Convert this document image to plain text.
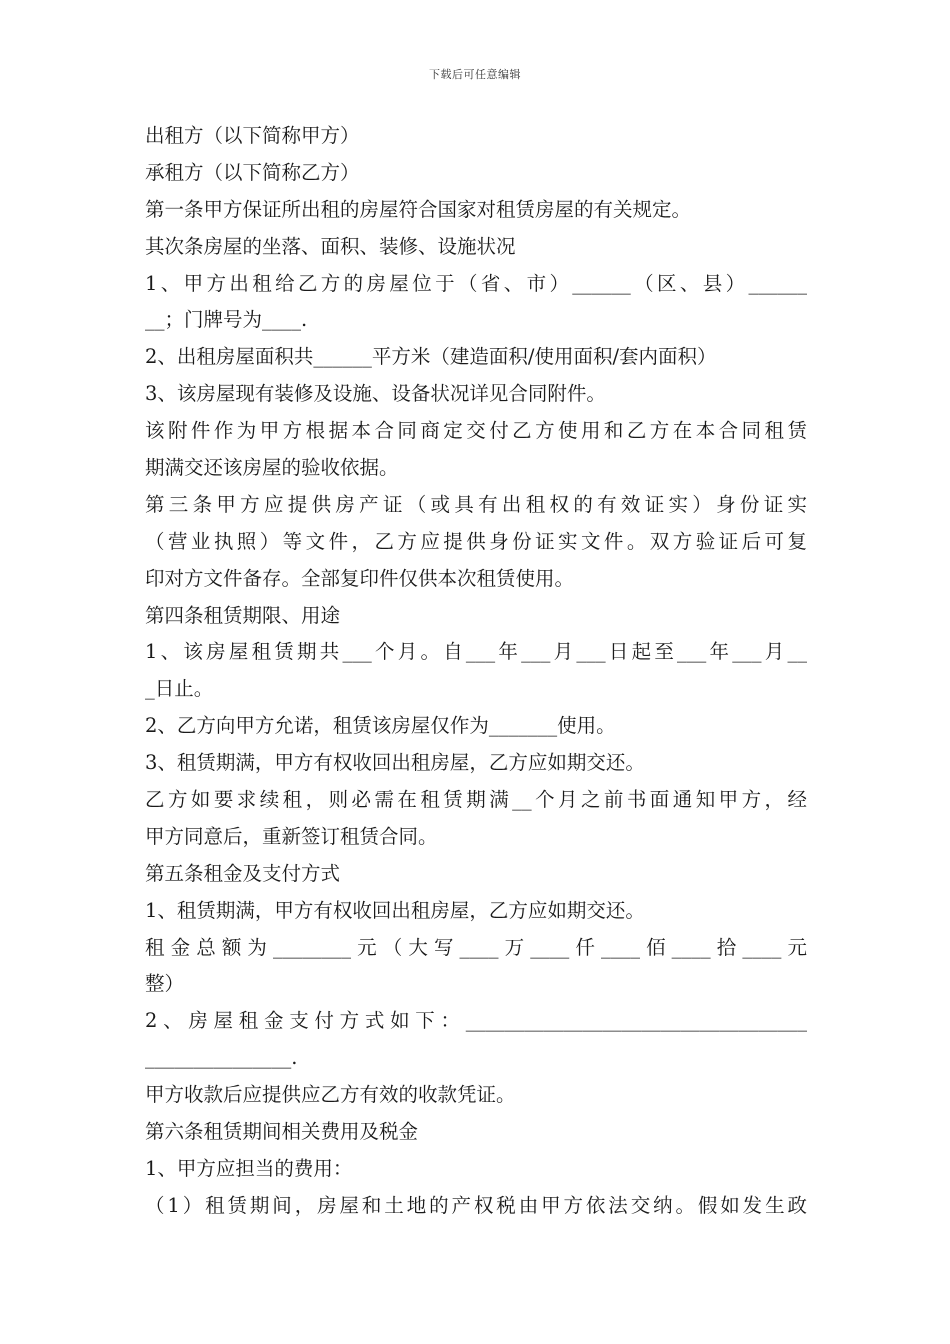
下载后可任意编辑
出租方（以下简称甲方）
承租方（以下简称乙方）
第一条甲方保证所出租的房屋符合国家对租赁房屋的有关规定。
其次条房屋的坐落、面积、装修、设施状况
1、甲方出租给乙方的房屋位于（省、市）______（区、县）______
__；门牌号为____.
2、出租房屋面积共______平方米（建造面积/使用面积/套内面积）
3、该房屋现有装修及设施、设备状况详见合同附件。
该附件作为甲方根据本合同商定交付乙方使用和乙方在本合同租赁
期满交还该房屋的验收依据。
第三条甲方应提供房产证（或具有出租权的有效证实）身份证实
（营业执照）等文件，乙方应提供身份证实文件。双方验证后可复
印对方文件备存。全部复印件仅供本次租赁使用。
第四条租赁期限、用途
1、该房屋租赁期共___个月。自___年___月___日起至___年___月__
_日止。
2、乙方向甲方允诺，租赁该房屋仅作为_______使用。
3、租赁期满，甲方有权收回出租房屋，乙方应如期交还。
乙方如要求续租，则必需在租赁期满__个月之前书面通知甲方，经
甲方同意后，重新签订租赁合同。
第五条租金及支付方式
1、租赁期满，甲方有权收回出租房屋，乙方应如期交还。
租金总额为________元（大写____万____仟____佰____拾____元
整）
2、房屋租金支付方式如下：___________________________________
_______________.
甲方收款后应提供应乙方有效的收款凭证。
第六条租赁期间相关费用及税金
1、甲方应担当的费用：
（1）租赁期间，房屋和土地的产权税由甲方依法交纳。假如发生政
